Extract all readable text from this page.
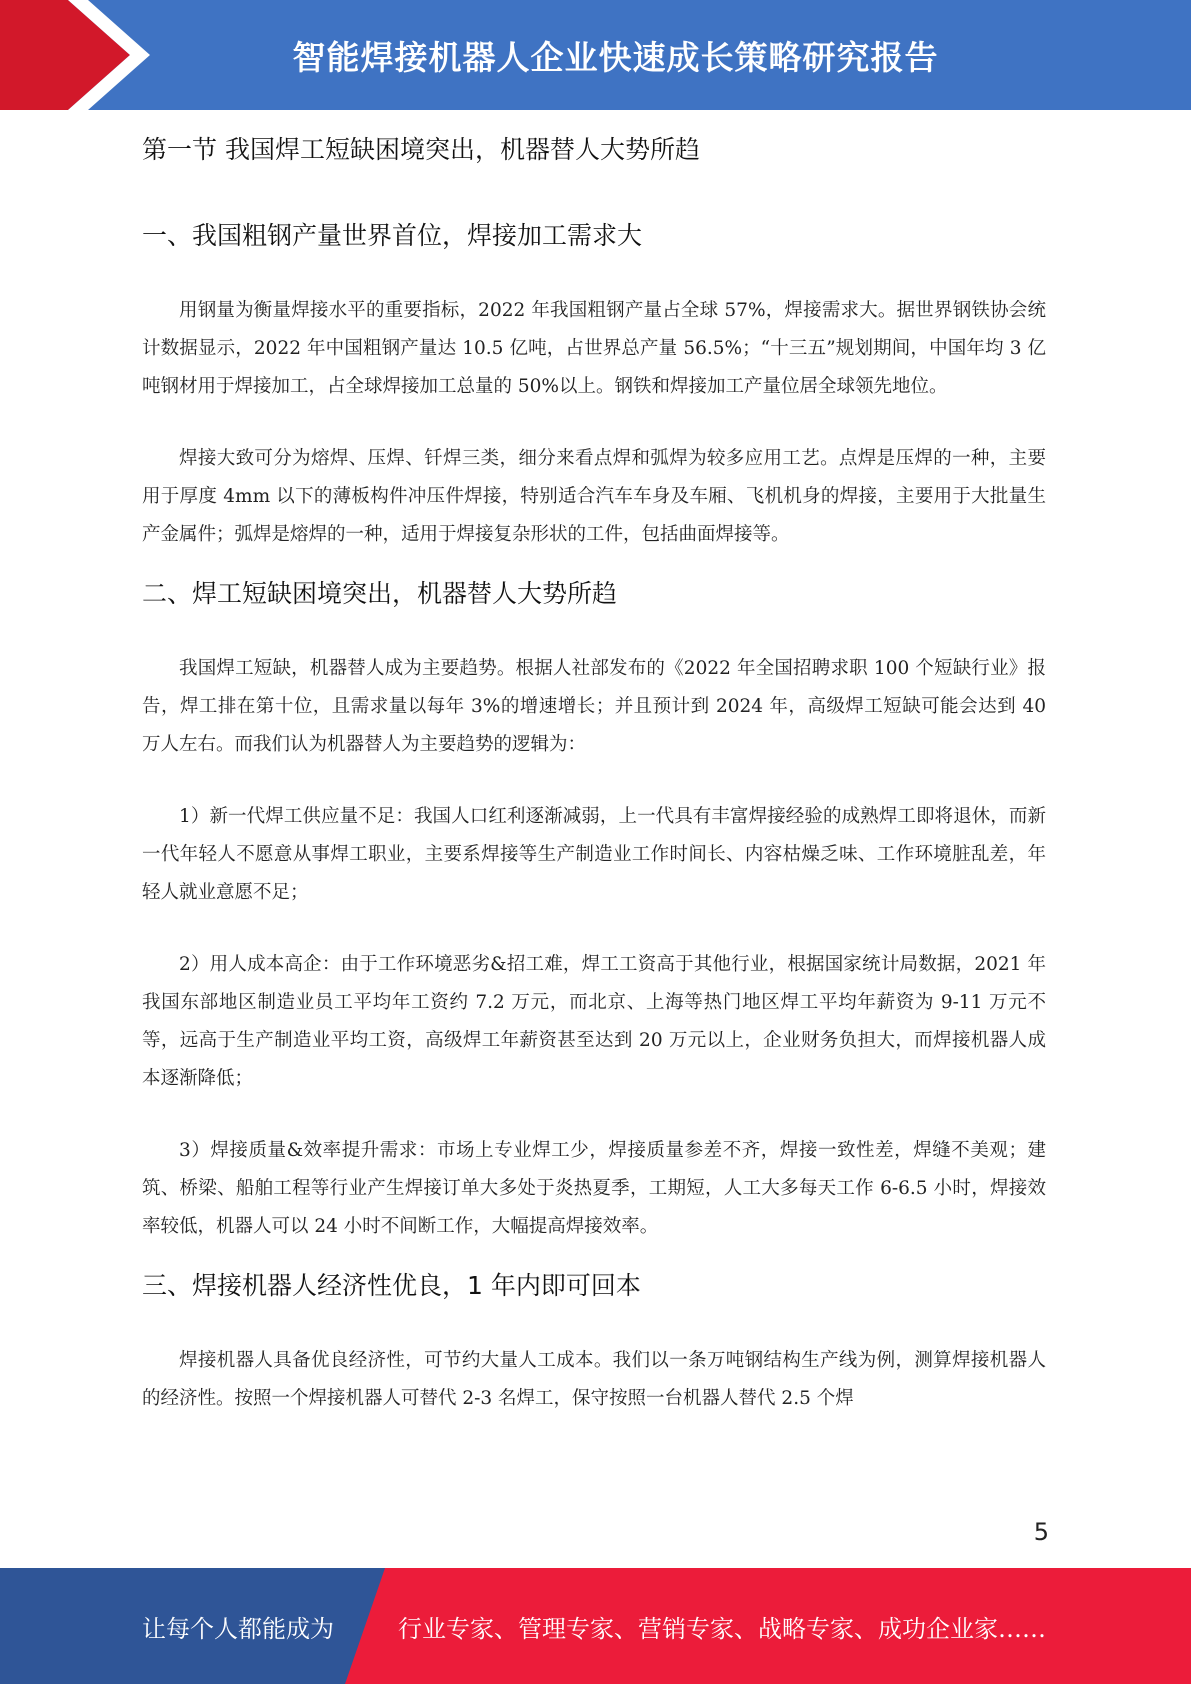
智能焊接机器人企业快速成长策略研究报告
第一节 我国焊工短缺困境突出，机器替人大势所趋
一、我国粗钢产量世界首位，焊接加工需求大

用钢量为衡量焊接水平的重要指标，2022 年我国粗钢产量占全球 57%，焊接需求大。据世界钢铁协会统计数据显示，2022 年中国粗钢产量达 10.5 亿吨，占世界总产量 56.5%；“十三五”规划期间，中国年均 3 亿吨钢材用于焊接加工，占全球焊接加工总量的 50%以上。钢铁和焊接加工产量位居全球领先地位。

焊接大致可分为熔焊、压焊、钎焊三类，细分来看点焊和弧焊为较多应用工艺。点焊是压焊的一种，主要用于厚度 4mm 以下的薄板构件冲压件焊接，特别适合汽车车身及车厢、飞机机身的焊接，主要用于大批量生产金属件；弧焊是熔焊的一种，适用于焊接复杂形状的工件，包括曲面焊接等。

二、焊工短缺困境突出，机器替人大势所趋

我国焊工短缺，机器替人成为主要趋势。根据人社部发布的《2022 年全国招聘求职 100 个短缺行业》报告，焊工排在第十位，且需求量以每年 3%的增速增长；并且预计到 2024 年，高级焊工短缺可能会达到 40 万人左右。而我们认为机器替人为主要趋势的逻辑为：

1）新一代焊工供应量不足：我国人口红利逐渐减弱，上一代具有丰富焊接经验的成熟焊工即将退休，而新一代年轻人不愿意从事焊工职业，主要系焊接等生产制造业工作时间长、内容枯燥乏味、工作环境脏乱差，年轻人就业意愿不足；

2）用人成本高企：由于工作环境恶劣&招工难，焊工工资高于其他行业，根据国家统计局数据，2021 年我国东部地区制造业员工平均年工资约 7.2 万元，而北京、上海等热门地区焊工平均年薪资为 9-11 万元不等，远高于生产制造业平均工资，高级焊工年薪资甚至达到 20 万元以上，企业财务负担大，而焊接机器人成本逐渐降低；

3）焊接质量&效率提升需求：市场上专业焊工少，焊接质量参差不齐，焊接一致性差，焊缝不美观；建筑、桥梁、船舶工程等行业产生焊接订单大多处于炎热夏季，工期短，人工大多每天工作 6-6.5 小时，焊接效率较低，机器人可以 24 小时不间断工作，大幅提高焊接效率。

三、焊接机器人经济性优良，1 年内即可回本

焊接机器人具备优良经济性，可节约大量人工成本。我们以一条万吨钢结构生产线为例，测算焊接机器人的经济性。按照一个焊接机器人可替代 2-3 名焊工，保守按照一台机器人替代 2.5 个焊

5
让每个人都能成为	行业专家、管理专家、营销专家、战略专家、成功企业家……
